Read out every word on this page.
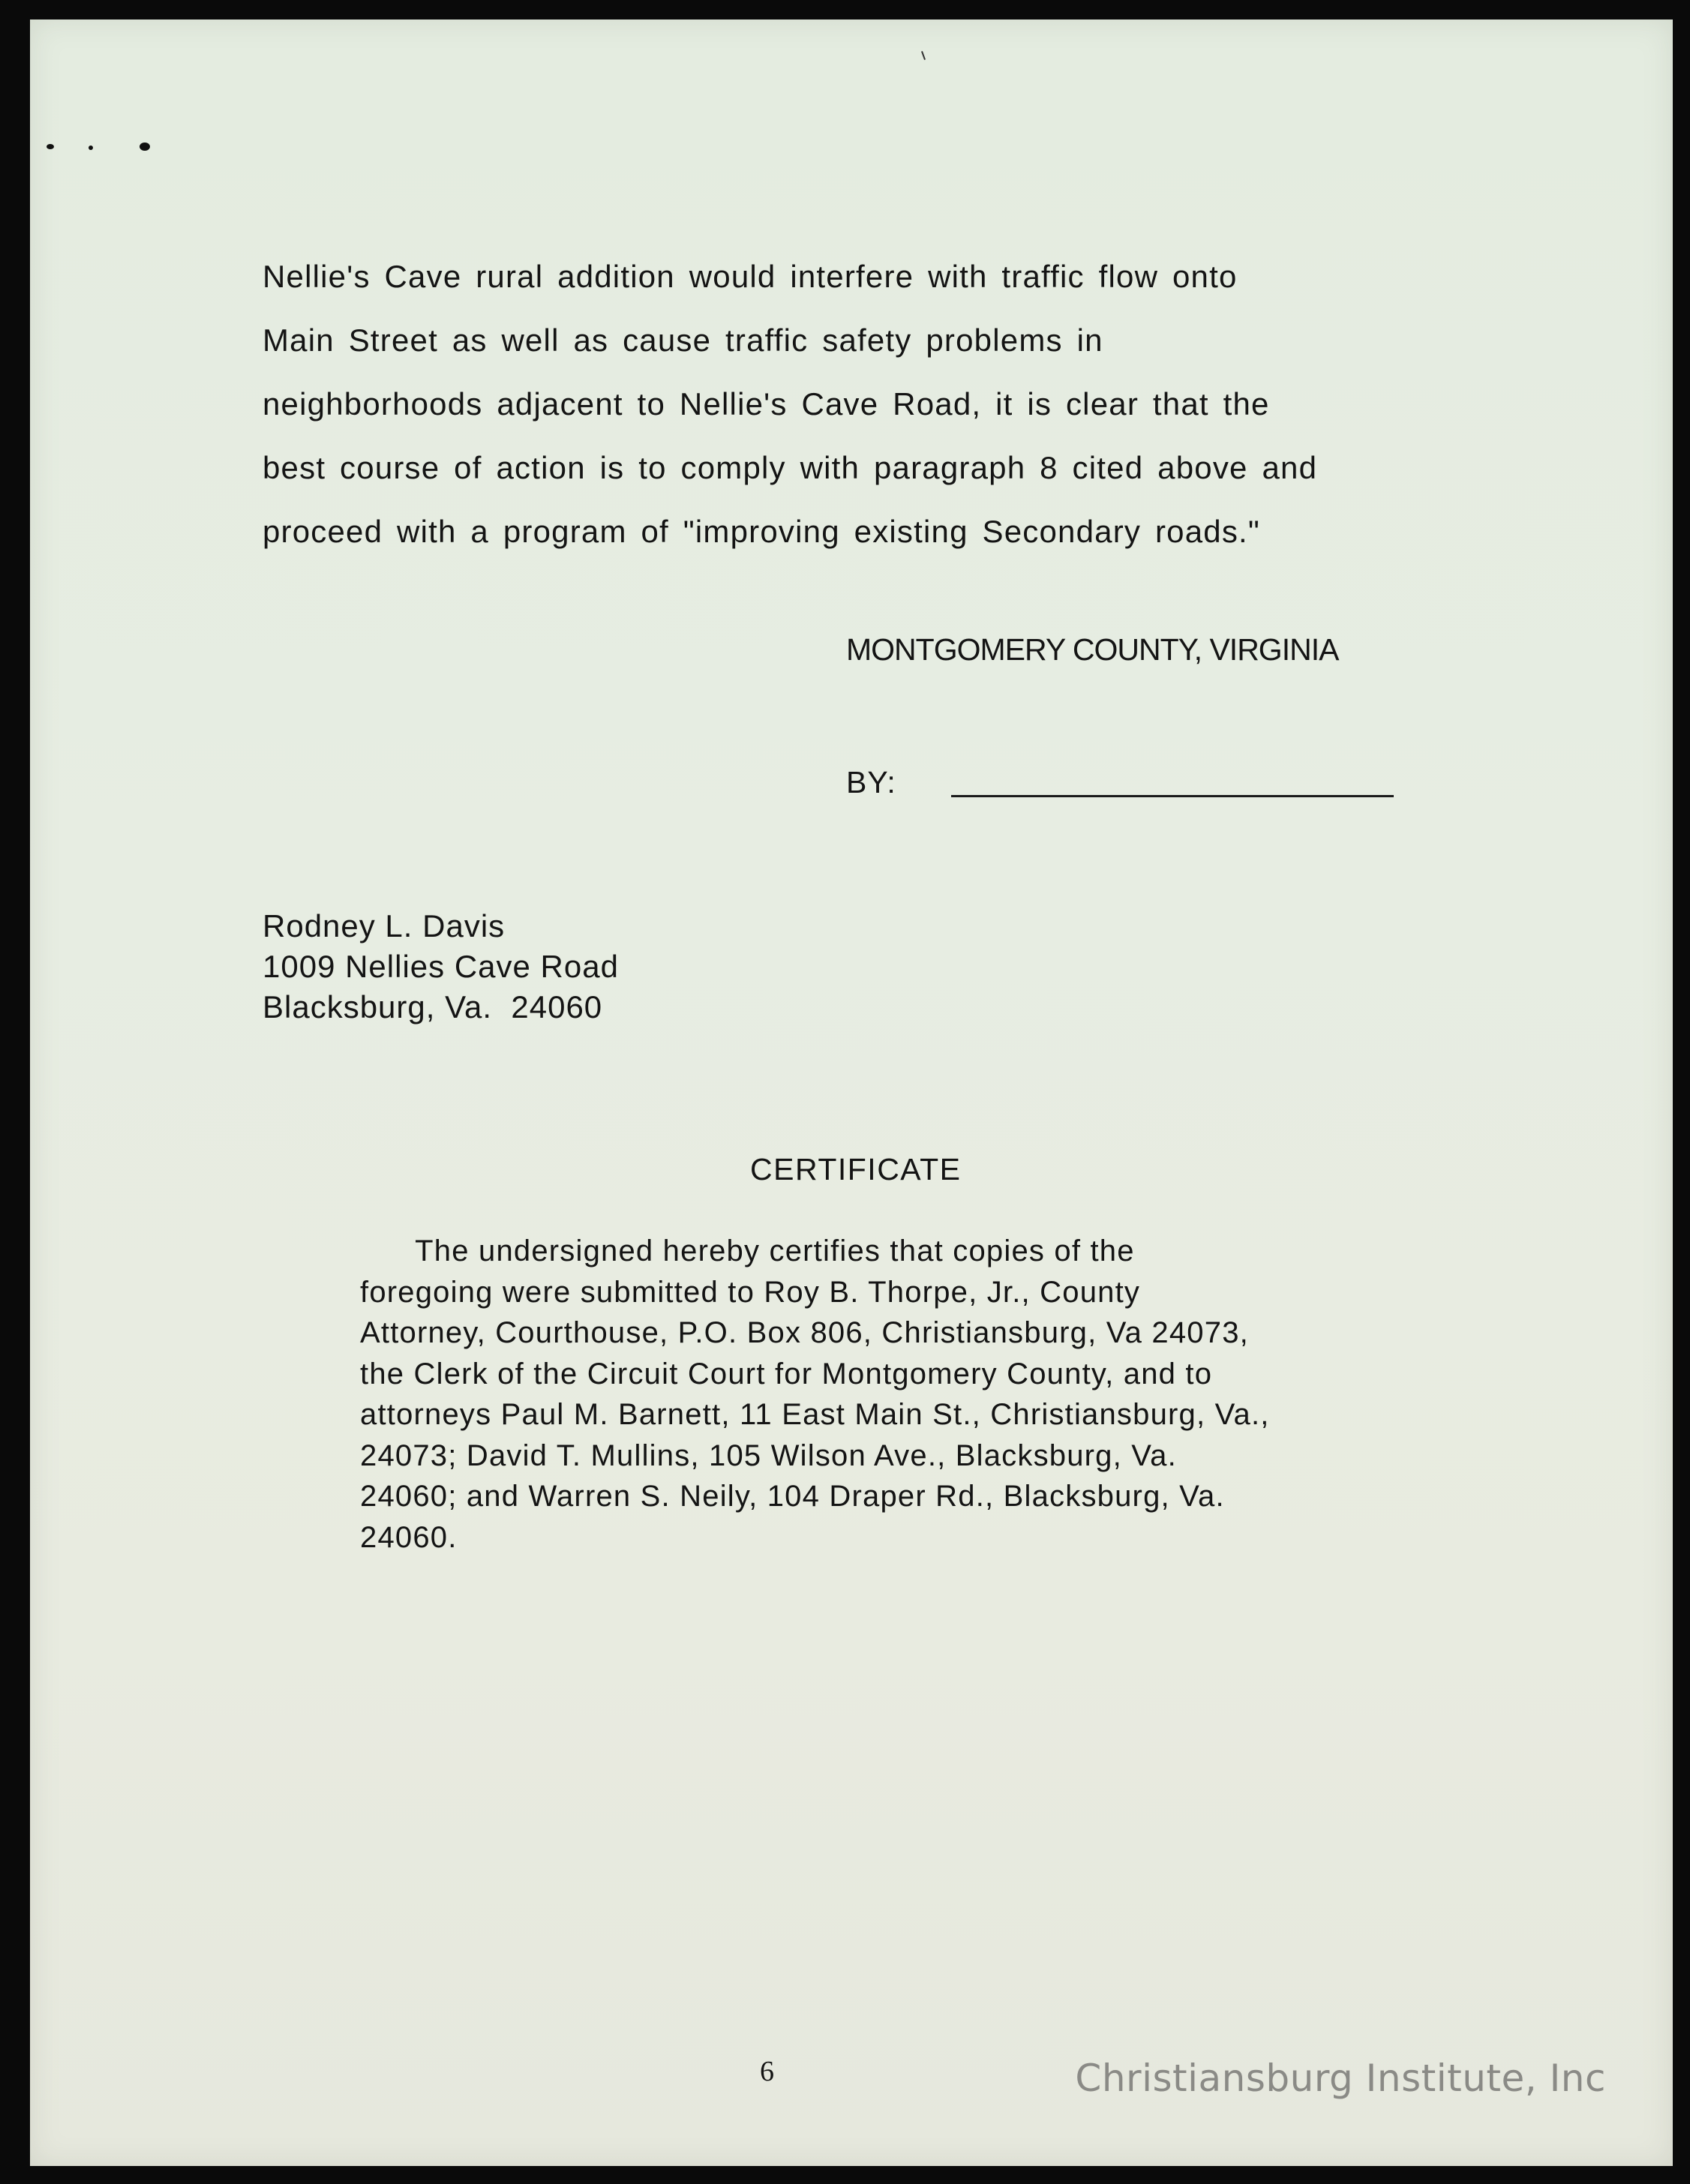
Nellie's Cave rural addition would interfere with traffic flow onto
Main Street as well as cause traffic safety problems in
neighborhoods adjacent to Nellie's Cave Road, it is clear that the
best course of action is to comply with paragraph 8 cited above and
proceed with a program of "improving existing Secondary roads."
MONTGOMERY COUNTY, VIRGINIA
BY:
Rodney L. Davis
1009 Nellies Cave Road
Blacksburg, Va.  24060
CERTIFICATE
The undersigned hereby certifies that copies of the
foregoing were submitted to Roy B. Thorpe, Jr., County
Attorney, Courthouse, P.O. Box 806, Christiansburg, Va 24073,
the Clerk of the Circuit Court for Montgomery County, and to
attorneys Paul M. Barnett, 11 East Main St., Christiansburg, Va.,
24073; David T. Mullins, 105 Wilson Ave., Blacksburg, Va.
24060; and Warren S. Neily, 104 Draper Rd., Blacksburg, Va.
24060.
6	Christiansburg Institute, Inc
